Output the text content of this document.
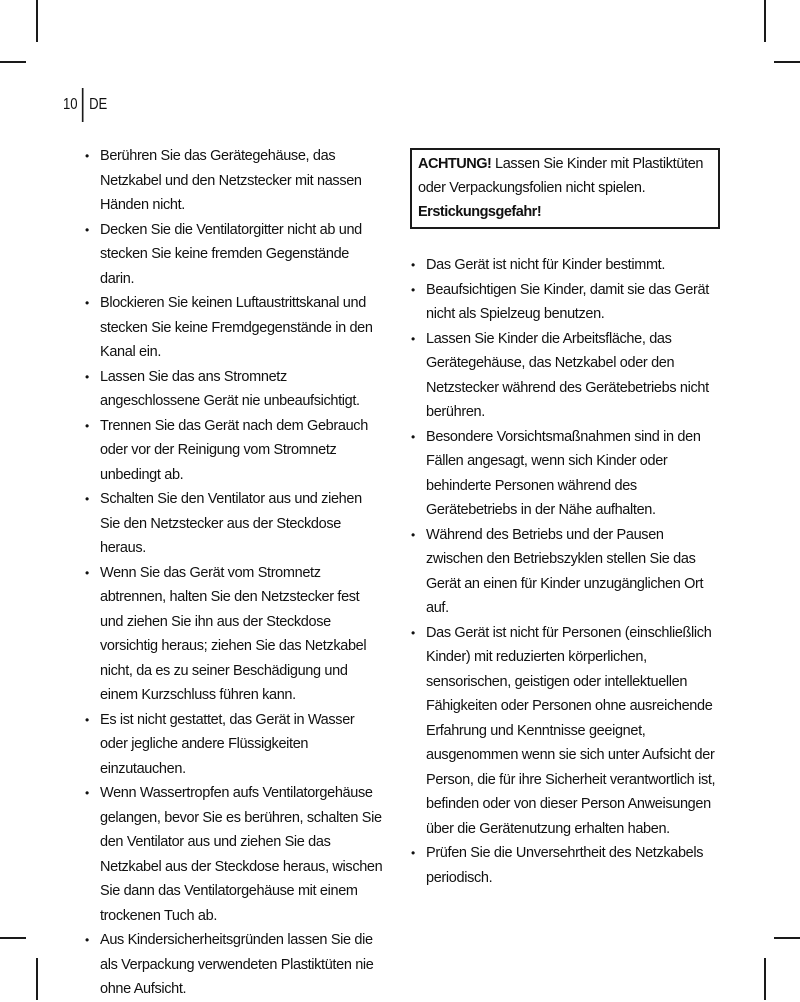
10 DE
• Berühren Sie das Gerätegehäuse, das Netzkabel und den Netzstecker mit nassen Händen nicht.
• Decken Sie die Ventilatorgitter nicht ab und stecken Sie keine fremden Gegenstände darin.
• Blockieren Sie keinen Luftaustrittskanal und stecken Sie keine Fremdgegenstände in den Kanal ein.
• Lassen Sie das ans Stromnetz angeschlossene Gerät nie unbeaufsichtigt.
• Trennen Sie das Gerät nach dem Gebrauch oder vor der Reinigung vom Stromnetz unbedingt ab.
• Schalten Sie den Ventilator aus und ziehen Sie den Netzstecker aus der Steckdose heraus.
• Wenn Sie das Gerät vom Stromnetz abtrennen, halten Sie den Netzstecker fest und ziehen Sie ihn aus der Steckdose vorsichtig heraus; ziehen Sie das Netzkabel nicht, da es zu seiner Beschädigung und einem Kurzschluss führen kann.
• Es ist nicht gestattet, das Gerät in Wasser oder jegliche andere Flüssigkeiten einzutauchen.
• Wenn Wassertropfen aufs Ventilatorgehäuse gelangen, bevor Sie es berühren, schalten Sie den Ventilator aus und ziehen Sie das Netzkabel aus der Steckdose heraus, wischen Sie dann das Ventilatorgehäuse mit einem trockenen Tuch ab.
• Aus Kindersicherheitsgründen lassen Sie die als Verpackung verwendeten Plastiktüten nie ohne Aufsicht.
ACHTUNG! Lassen Sie Kinder mit Plastiktüten oder Verpackungsfolien nicht spielen. Erstickungsgefahr!
• Das Gerät ist nicht für Kinder bestimmt.
• Beaufsichtigen Sie Kinder, damit sie das Gerät nicht als Spielzeug benutzen.
• Lassen Sie Kinder die Arbeitsfläche, das Gerätegehäuse, das Netzkabel oder den Netzstecker während des Gerätebetriebs nicht berühren.
• Besondere Vorsichtsmaßnahmen sind in den Fällen angesagt, wenn sich Kinder oder behinderte Personen während des Gerätebetriebs in der Nähe aufhalten.
• Während des Betriebs und der Pausen zwischen den Betriebszyklen stellen Sie das Gerät an einen für Kinder unzugänglichen Ort auf.
• Das Gerät ist nicht für Personen (einschließlich Kinder) mit reduzierten körperlichen, sensorischen, geistigen oder intellektuellen Fähigkeiten oder Personen ohne ausreichende Erfahrung und Kenntnisse geeignet, ausgenommen wenn sie sich unter Aufsicht der Person, die für ihre Sicherheit verantwortlich ist, befinden oder von dieser Person Anweisungen über die Gerätenutzung erhalten haben.
• Prüfen Sie die Unversehrtheit des Netzkabels periodisch.
